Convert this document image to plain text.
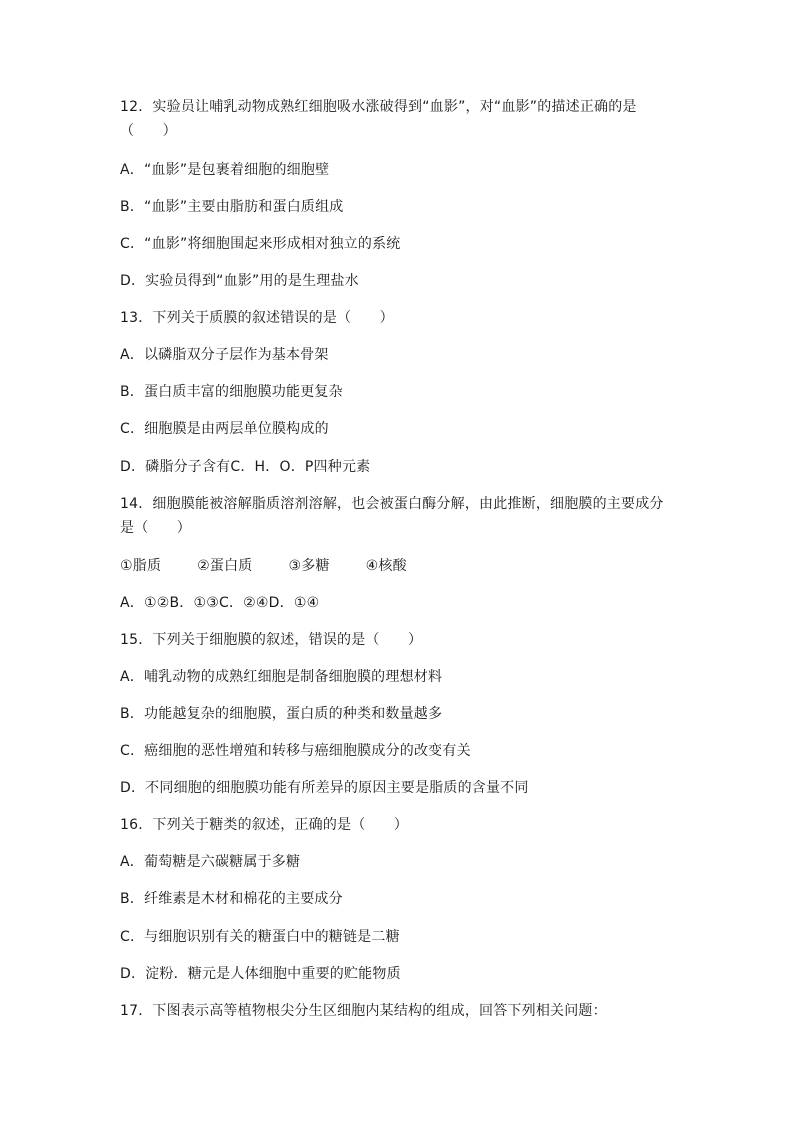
12．实验员让哺乳动物成熟红细胞吸水涨破得到“血影”，对“血影”的描述正确的是
（　　）
A．“血影”是包裹着细胞的细胞壁
B．“血影”主要由脂肪和蛋白质组成
C．“血影”将细胞围起来形成相对独立的系统
D．实验员得到“血影”用的是生理盐水
13．下列关于质膜的叙述错误的是（　　）
A．以磷脂双分子层作为基本骨架
B．蛋白质丰富的细胞膜功能更复杂
C．细胞膜是由两层单位膜构成的
D．磷脂分子含有C．H．O．P四种元素
14．细胞膜能被溶解脂质溶剂溶解，也会被蛋白酶分解，由此推断，细胞膜的主要成分
是（　　）
①脂质	②蛋白质	③多糖	④核酸
A．①②B．①③C．②④D．①④
15．下列关于细胞膜的叙述，错误的是（　　）
A．哺乳动物的成熟红细胞是制备细胞膜的理想材料
B．功能越复杂的细胞膜，蛋白质的种类和数量越多
C．癌细胞的恶性增殖和转移与癌细胞膜成分的改变有关
D．不同细胞的细胞膜功能有所差异的原因主要是脂质的含量不同
16．下列关于糖类的叙述，正确的是（　　）
A．葡萄糖是六碳糖属于多糖
B．纤维素是木材和棉花的主要成分
C．与细胞识别有关的糖蛋白中的糖链是二糖
D．淀粉．糖元是人体细胞中重要的贮能物质
17．下图表示高等植物根尖分生区细胞内某结构的组成，回答下列相关问题：
